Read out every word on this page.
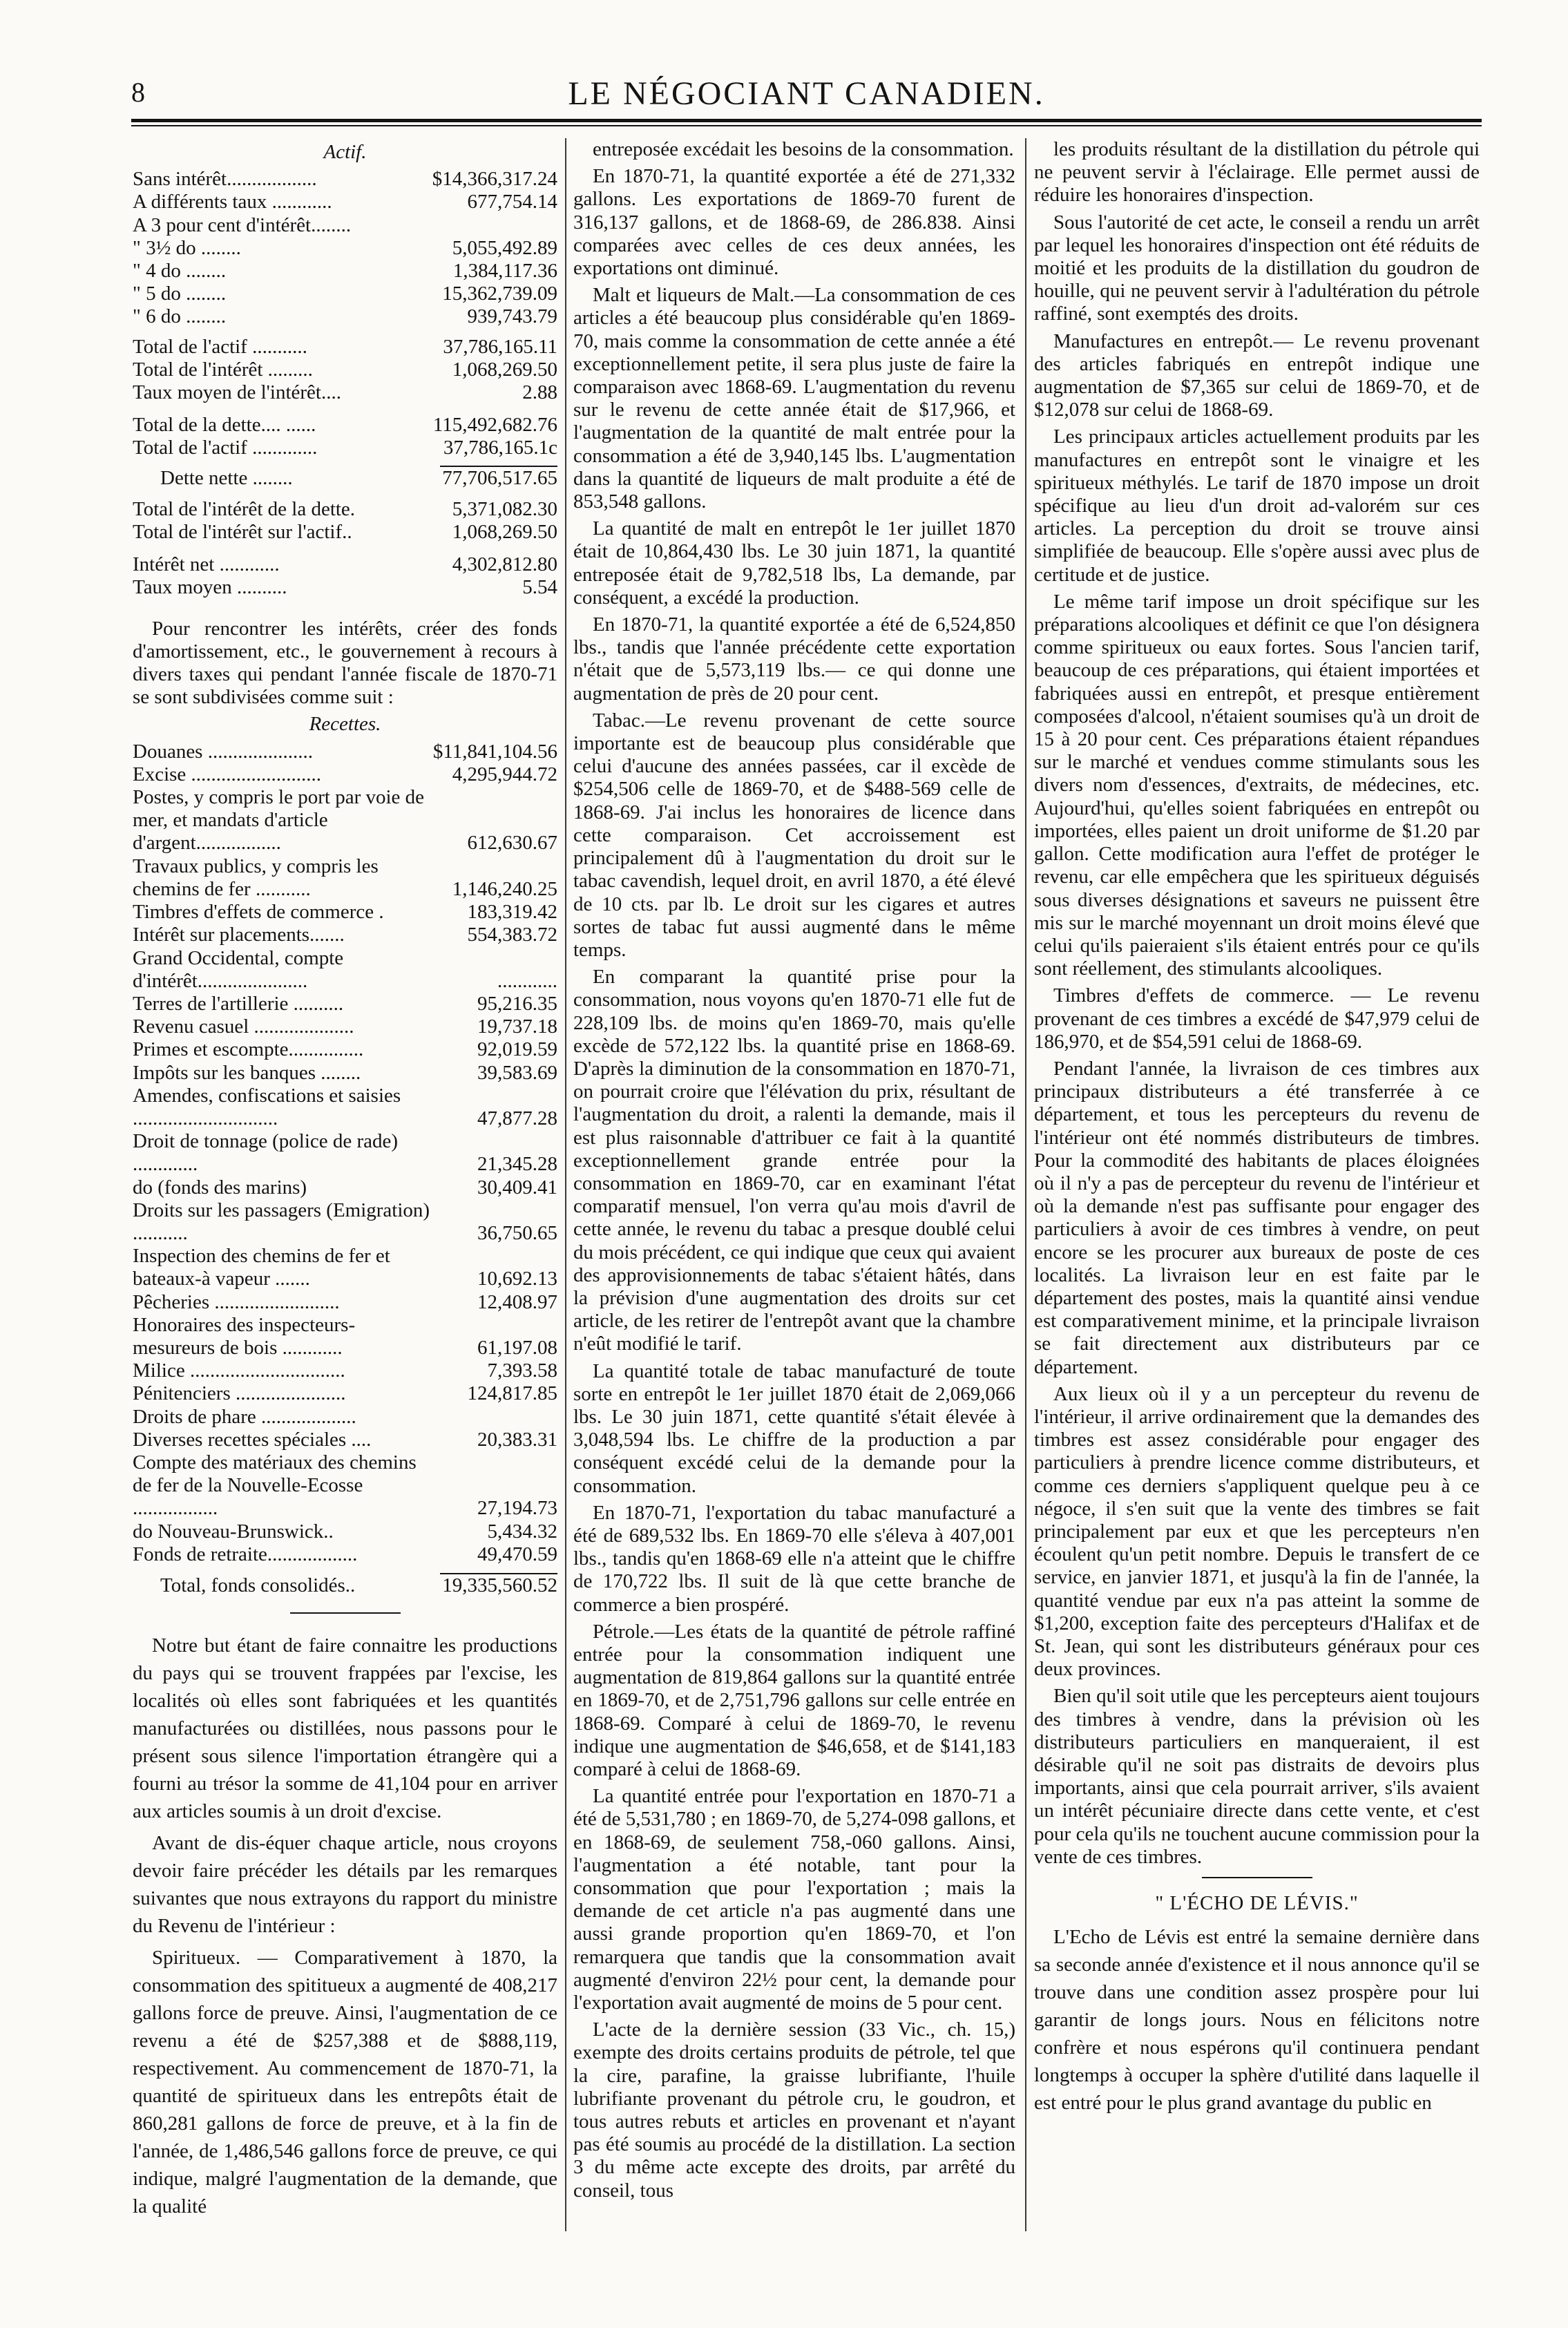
8	LE NÉGOCIANT CANADIEN.
Actif.
Sans intérêt..................	$14,366,317.24
A différents taux ............	677,754.14
A 3 pour cent d'intérêt........	
" 3½ do ........	5,055,492.89
" 4 do ........	1,384,117.36
" 5 do ........	15,362,739.09
" 6 do ........	939,743.79
Total de l'actif ...........	37,786,165.11
Total de l'intérêt .........	1,068,269.50
Taux moyen de l'intérêt....	2.88
Total de la dette.... ......	115,492,682.76
Total de l'actif .............	37,786,165.1c
Dette nette ........	77,706,517.65
Total de l'intérêt de la dette.	5,371,082.30
Total de l'intérêt sur l'actif..	1,068,269.50
Intérêt net ............	4,302,812.80
Taux moyen ..........	5.54

Pour rencontrer les intérêts, créer des fonds d'amortissement, etc., le gouvernement à recours à divers taxes qui pendant l'année fiscale de 1870-71 se sont subdivisées comme suit :

Recettes.
Douanes .....................	$11,841,104.56
Excise ..........................	4,295,944.72
Postes, y compris le port par voie de mer, et mandats d'article d'argent.................	612,630.67
Travaux publics, y compris les chemins de fer ...........	1,146,240.25
Timbres d'effets de commerce .	183,319.42
Intérêt sur placements.......	554,383.72
Grand Occidental, compte d'intérêt......................	............
Terres de l'artillerie ..........	95,216.35
Revenu casuel ....................	19,737.18
Primes et escompte...............	92,019.59
Impôts sur les banques ........	39,583.69
Amendes, confiscations et saisies .............................	47,877.28
Droit de tonnage (police de rade) .............	21,345.28
do (fonds des marins)	30,409.41
Droits sur les passagers (Emigration) ...........	36,750.65
Inspection des chemins de fer et bateaux-à vapeur .......	10,692.13
Pêcheries .........................	12,408.97
Honoraires des inspecteurs-mesureurs de bois ............	61,197.08
Milice ...............................	7,393.58
Pénitenciers ......................	124,817.85
Droits de phare ...................	
Diverses recettes spéciales ....	20,383.31
Compte des matériaux des chemins de fer de la Nouvelle-Ecosse .................	27,194.73
do Nouveau-Brunswick..	5,434.32
Fonds de retraite..................	49,470.59
Total, fonds consolidés..	19,335,560.52

Notre but étant de faire connaitre les productions du pays qui se trouvent frappées par l'excise, les localités où elles sont fabriquées et les quantités manufacturées ou distillées, nous passons pour le présent sous silence l'importation étrangère qui a fourni au trésor la somme de 41,104 pour en arriver aux articles soumis à un droit d'excise.

Avant de dis-équer chaque article, nous croyons devoir faire précéder les détails par les remarques suivantes que nous extrayons du rapport du ministre du Revenu de l'intérieur :

Spiritueux. — Comparativement à 1870, la consommation des spititueux a augmenté de 408,217 gallons force de preuve. Ainsi, l'augmentation de ce revenu a été de $257,388 et de $888,119, respectivement. Au commencement de 1870-71, la quantité de spiritueux dans les entrepôts était de 860,281 gallons de force de preuve, et à la fin de l'année, de 1,486,546 gallons force de preuve, ce qui indique, malgré l'augmentation de la demande, que la qualité

entreposée excédait les besoins de la consommation.

En 1870-71, la quantité exportée a été de 271,332 gallons. Les exportations de 1869-70 furent de 316,137 gallons, et de 1868-69, de 286.838. Ainsi comparées avec celles de ces deux années, les exportations ont diminué.

Malt et liqueurs de Malt.—La consommation de ces articles a été beaucoup plus considérable qu'en 1869-70, mais comme la consommation de cette année a été exceptionnellement petite, il sera plus juste de faire la comparaison avec 1868-69. L'augmentation du revenu sur le revenu de cette année était de $17,966, et l'augmentation de la quantité de malt entrée pour la consommation a été de 3,940,145 lbs. L'augmentation dans la quantité de liqueurs de malt produite a été de 853,548 gallons.

La quantité de malt en entrepôt le 1er juillet 1870 était de 10,864,430 lbs. Le 30 juin 1871, la quantité entreposée était de 9,782,518 lbs, La demande, par conséquent, a excédé la production.

En 1870-71, la quantité exportée a été de 6,524,850 lbs., tandis que l'année précédente cette exportation n'était que de 5,573,119 lbs.— ce qui donne une augmentation de près de 20 pour cent.

Tabac.—Le revenu provenant de cette source importante est de beaucoup plus considérable que celui d'aucune des années passées, car il excède de $254,506 celle de 1869-70, et de $488-569 celle de 1868-69. J'ai inclus les honoraires de licence dans cette comparaison. Cet accroissement est principalement dû à l'augmentation du droit sur le tabac cavendish, lequel droit, en avril 1870, a été élevé de 10 cts. par lb. Le droit sur les cigares et autres sortes de tabac fut aussi augmenté dans le même temps.

En comparant la quantité prise pour la consommation, nous voyons qu'en 1870-71 elle fut de 228,109 lbs. de moins qu'en 1869-70, mais qu'elle excède de 572,122 lbs. la quantité prise en 1868-69. D'après la diminution de la consommation en 1870-71, on pourrait croire que l'élévation du prix, résultant de l'augmentation du droit, a ralenti la demande, mais il est plus raisonnable d'attribuer ce fait à la quantité exceptionnellement grande entrée pour la consommation en 1869-70, car en examinant l'état comparatif mensuel, l'on verra qu'au mois d'avril de cette année, le revenu du tabac a presque doublé celui du mois précédent, ce qui indique que ceux qui avaient des approvisionnements de tabac s'étaient hâtés, dans la prévision d'une augmentation des droits sur cet article, de les retirer de l'entrepôt avant que la chambre n'eût modifié le tarif.

La quantité totale de tabac manufacturé de toute sorte en entrepôt le 1er juillet 1870 était de 2,069,066 lbs. Le 30 juin 1871, cette quantité s'était élevée à 3,048,594 lbs. Le chiffre de la production a par conséquent excédé celui de la demande pour la consommation.

En 1870-71, l'exportation du tabac manufacturé a été de 689,532 lbs. En 1869-70 elle s'éleva à 407,001 lbs., tandis qu'en 1868-69 elle n'a atteint que le chiffre de 170,722 lbs. Il suit de là que cette branche de commerce a bien prospéré.

Pétrole.—Les états de la quantité de pétrole raffiné entrée pour la consommation indiquent une augmentation de 819,864 gallons sur la quantité entrée en 1869-70, et de 2,751,796 gallons sur celle entrée en 1868-69. Comparé à celui de 1869-70, le revenu indique une augmentation de $46,658, et de $141,183 comparé à celui de 1868-69.

La quantité entrée pour l'exportation en 1870-71 a été de 5,531,780 ; en 1869-70, de 5,274-098 gallons, et en 1868-69, de seulement 758,-060 gallons. Ainsi, l'augmentation a été notable, tant pour la consommation que pour l'exportation ; mais la demande de cet article n'a pas augmenté dans une aussi grande proportion qu'en 1869-70, et l'on remarquera que tandis que la consommation avait augmenté d'environ 22½ pour cent, la demande pour l'exportation avait augmenté de moins de 5 pour cent.

L'acte de la dernière session (33 Vic., ch. 15,) exempte des droits certains produits de pétrole, tel que la cire, parafine, la graisse lubrifiante, l'huile lubrifiante provenant du pétrole cru, le goudron, et tous autres rebuts et articles en provenant et n'ayant pas été soumis au procédé de la distillation. La section 3 du même acte excepte des droits, par arrêté du conseil, tous

les produits résultant de la distillation du pétrole qui ne peuvent servir à l'éclairage. Elle permet aussi de réduire les honoraires d'inspection.

Sous l'autorité de cet acte, le conseil a rendu un arrêt par lequel les honoraires d'inspection ont été réduits de moitié et les produits de la distillation du goudron de houille, qui ne peuvent servir à l'adultération du pétrole raffiné, sont exemptés des droits.

Manufactures en entrepôt.— Le revenu provenant des articles fabriqués en entrepôt indique une augmentation de $7,365 sur celui de 1869-70, et de $12,078 sur celui de 1868-69.

Les principaux articles actuellement produits par les manufactures en entrepôt sont le vinaigre et les spiritueux méthylés. Le tarif de 1870 impose un droit spécifique au lieu d'un droit ad-valorém sur ces articles. La perception du droit se trouve ainsi simplifiée de beaucoup. Elle s'opère aussi avec plus de certitude et de justice.

Le même tarif impose un droit spécifique sur les préparations alcooliques et définit ce que l'on désignera comme spiritueux ou eaux fortes. Sous l'ancien tarif, beaucoup de ces préparations, qui étaient importées et fabriquées aussi en entrepôt, et presque entièrement composées d'alcool, n'étaient soumises qu'à un droit de 15 à 20 pour cent. Ces préparations étaient répandues sur le marché et vendues comme stimulants sous les divers nom d'essences, d'extraits, de médecines, etc. Aujourd'hui, qu'elles soient fabriquées en entrepôt ou importées, elles paient un droit uniforme de $1.20 par gallon. Cette modification aura l'effet de protéger le revenu, car elle empêchera que les spiritueux déguisés sous diverses désignations et saveurs ne puissent être mis sur le marché moyennant un droit moins élevé que celui qu'ils paieraient s'ils étaient entrés pour ce qu'ils sont réellement, des stimulants alcooliques.

Timbres d'effets de commerce. — Le revenu provenant de ces timbres a excédé de $47,979 celui de 186,970, et de $54,591 celui de 1868-69.

Pendant l'année, la livraison de ces timbres aux principaux distributeurs a été transferrée à ce département, et tous les percepteurs du revenu de l'intérieur ont été nommés distributeurs de timbres. Pour la commodité des habitants de places éloignées où il n'y a pas de percepteur du revenu de l'intérieur et où la demande n'est pas suffisante pour engager des particuliers à avoir de ces timbres à vendre, on peut encore se les procurer aux bureaux de poste de ces localités. La livraison leur en est faite par le département des postes, mais la quantité ainsi vendue est comparativement minime, et la principale livraison se fait directement aux distributeurs par ce département.

Aux lieux où il y a un percepteur du revenu de l'intérieur, il arrive ordinairement que la demandes des timbres est assez considérable pour engager des particuliers à prendre licence comme distributeurs, et comme ces derniers s'appliquent quelque peu à ce négoce, il s'en suit que la vente des timbres se fait principalement par eux et que les percepteurs n'en écoulent qu'un petit nombre. Depuis le transfert de ce service, en janvier 1871, et jusqu'à la fin de l'année, la quantité vendue par eux n'a pas atteint la somme de $1,200, exception faite des percepteurs d'Halifax et de St. Jean, qui sont les distributeurs généraux pour ces deux provinces.

Bien qu'il soit utile que les percepteurs aient toujours des timbres à vendre, dans la prévision où les distributeurs particuliers en manqueraient, il est désirable qu'il ne soit pas distraits de devoirs plus importants, ainsi que cela pourrait arriver, s'ils avaient un intérêt pécuniaire directe dans cette vente, et c'est pour cela qu'ils ne touchent aucune commission pour la vente de ces timbres.

" L'ÉCHO DE LÉVIS."

L'Echo de Lévis est entré la semaine dernière dans sa seconde année d'existence et il nous annonce qu'il se trouve dans une condition assez prospère pour lui garantir de longs jours. Nous en félicitons notre confrère et nous espérons qu'il continuera pendant longtemps à occuper la sphère d'utilité dans laquelle il est entré pour le plus grand avantage du public en
